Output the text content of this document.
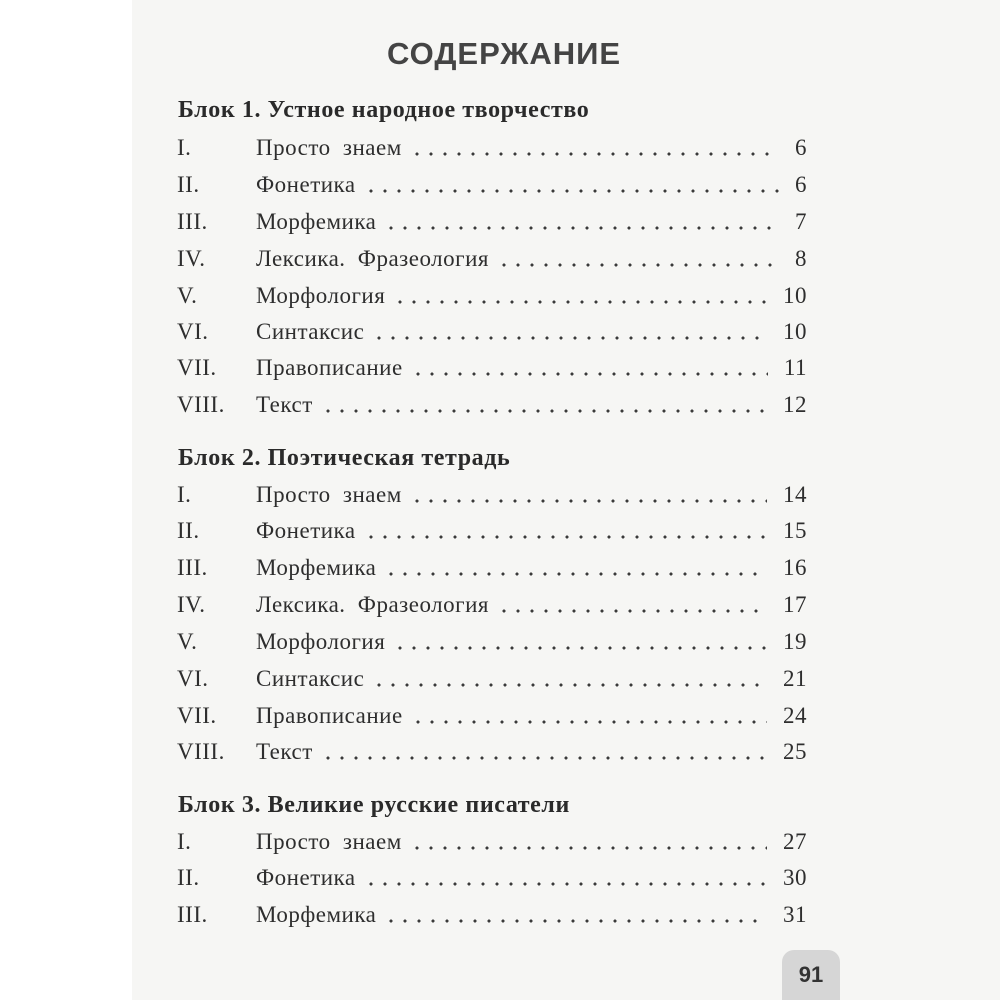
СОДЕРЖАНИЕ
Блок 1. Устное народное творчество
I.	Просто знаем	6
II. Фонетика	6
III. Морфемика	7
IV. Лексика. Фразеология	8
V.	Морфология	10
VI. Синтаксис	10
VII. Правописание	11
VIII. Текст	12
Блок 2. Поэтическая тетрадь
I.	Просто знаем	14
II. Фонетика	15
III. Морфемика	16
IV. Лексика. Фразеология	17
V.	Морфология	19
VI. Синтаксис	21
VII. Правописание	24
VIII. Текст	25
Блок 3. Великие русские писатели
I.	Просто знаем	27
II. Фонетика	30
III. Морфемика	31
91
